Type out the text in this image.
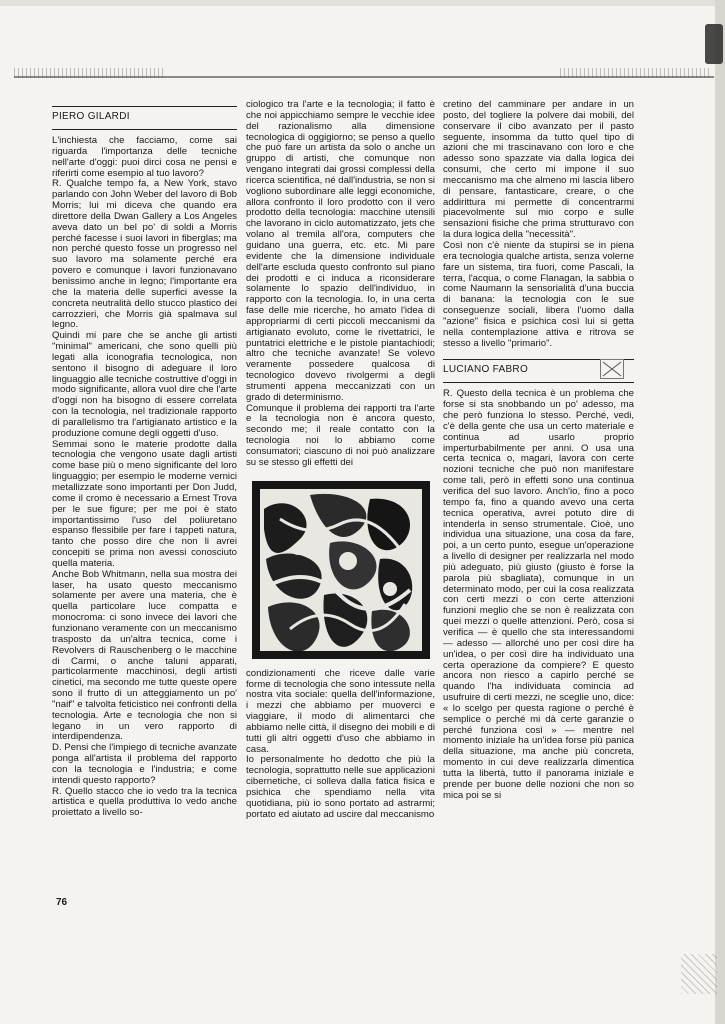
PIERO GILARDI

L'inchiesta che facciamo, come sai riguarda l'importanza delle tecniche nell'arte d'oggi: puoi dirci cosa ne pensi e riferirti come esempio al tuo lavoro?

R. Qualche tempo fa, a New York, stavo parlando con John Weber del lavoro di Bob Morris; lui mi diceva che quando era direttore della Dwan Gallery a Los Angeles aveva dato un bel po' di soldi a Morris perché facesse i suoi lavori in fiberglas; ma non perché questo fosse un progresso nel suo lavoro ma solamente perché era povero e comunque i lavori funzionavano benissimo anche in legno; l'importante era che la materia delle superfici avesse la concreta neutralità dello stucco plastico dei carrozzieri, che Morris già spalmava sul legno.

Quindi mi pare che se anche gli artisti "minimal" americani, che sono quelli più legati alla iconografia tecnologica, non sentono il bisogno di adeguare il loro linguaggio alle tecniche costruttive d'oggi in modo significante, allora vuol dire che l'arte d'oggi non ha bisogno di essere correlata con la tecnologia, nel tradizionale rapporto di parallelismo tra l'artigianato artistico e la produzione comune degli oggetti d'uso.

Semmai sono le materie prodotte dalla tecnologia che vengono usate dagli artisti come base più o meno significante del loro linguaggio; per esempio le moderne vernici metallizzate sono importanti per Don Judd, come il cromo è necessario a Ernest Trova per le sue figure; per me poi è stato importantissimo l'uso del poliuretano espanso flessibile per fare i tappeti natura, tanto che posso dire che non li avrei concepiti se prima non avessi conosciuto quella materia.

Anche Bob Whitmann, nella sua mostra dei laser, ha usato questo meccanismo solamente per avere una materia, che è quella particolare luce compatta e monocroma: ci sono invece dei lavori che funzionano veramente con un meccanismo trasposto da un'altra tecnica, come i Revolvers di Rauschenberg o le macchine di Carmi, o anche taluni apparati, particolarmente macchinosi, degli artisti cinetici, ma secondo me tutte queste opere sono il frutto di un atteggiamento un po' "naif" e talvolta feticistico nei confronti della tecnologia. Arte e tecnologia che non si legano in un vero rapporto di interdipendenza.

D. Pensi che l'impiego di tecniche avanzate ponga all'artista il problema del rapporto con la tecnologia e l'industria; e come intendi questo rapporto?

R. Quello stacco che io vedo tra la tecnica artistica e quella produttiva lo vedo anche proiettato a livello so-

ciologico tra l'arte e la tecnologia; il fatto è che noi appicchiamo sempre le vecchie idee del razionalismo alla dimensione tecnologica di oggigiorno; se penso a quello che può fare un artista da solo o anche un gruppo di artisti, che comunque non vengano integrati dai grossi complessi della ricerca scientifica, né dall'industria, se non si vogliono subordinare alle leggi economiche, allora confronto il loro prodotto con il vero prodotto della tecnologia: macchine utensili che lavorano in ciclo automatizzato, jets che volano al tremila all'ora, computers che guidano una guerra, etc. etc. Mi pare evidente che la dimensione individuale dell'arte escluda questo confronto sul piano dei prodotti e ci induca a riconsiderare solamente lo spazio dell'individuo, in rapporto con la tecnologia. Io, in una certa fase delle mie ricerche, ho amato l'idea di appropriarmi di certi piccoli meccanismi da artigianato evoluto, come le rivettatrici, le puntatrici elettriche e le pistole piantachiodi; altro che tecniche avanzate! Se volevo veramente possedere qualcosa di tecnologico dovevo rivolgermi a degli strumenti appena meccanizzati con un grado di determinismo.

Comunque il problema dei rapporti tra l'arte e la tecnologia non è ancora questo, secondo me; il reale contatto con la tecnologia noi lo abbiamo come consumatori; ciascuno di noi può analizzare su se stesso gli effetti dei

condizionamenti che riceve dalle varie forme di tecnologia che sono intessute nella nostra vita sociale: quella dell'informazione, i mezzi che abbiamo per muoverci e viaggiare, il modo di alimentarci che abbiamo nelle città, il disegno dei mobili e di tutti gli altri oggetti d'uso che abbiamo in casa.

Io personalmente ho dedotto che più la tecnologia, soprattutto nelle sue applicazioni cibernetiche, ci solleva dalla fatica fisica e psichica che spendiamo nella vita quotidiana, più io sono portato ad astrarmi; portato ed aiutato ad uscire dal meccanismo

cretino del camminare per andare in un posto, del togliere la polvere dai mobili, del conservare il cibo avanzato per il pasto seguente, insomma da tutto quel tipo di azioni che mi trascinavano con loro e che adesso sono spazzate via dalla logica dei consumi, che certo mi impone il suo meccanismo ma che almeno mi lascia libero di pensare, fantasticare, creare, o che addirittura mi permette di concentrarmi piacevolmente sul mio corpo e sulle sensazioni fisiche che prima strutturavo con la dura logica della "necessità".

Così non c'è niente da stupirsi se in piena era tecnologia qualche artista, senza volerne fare un sistema, tira fuori, come Pascali, la terra, l'acqua, o come Flanagan, la sabbia o come Naumann la sensorialità d'una buccia di banana: la tecnologia con le sue conseguenze sociali, libera l'uomo dalla "azione" fisica e psichica così lui si getta nella contemplazione attiva e ritrova se stesso a livello "primario".

LUCIANO FABRO

R. Questo della tecnica è un problema che forse si sta snobbando un po' adesso, ma che però funziona lo stesso. Perché, vedi, c'è della gente che usa un certo materiale e continua ad usarlo proprio imperturbabilmente per anni. O usa una certa tecnica o, magari, lavora con certe nozioni tecniche che può non manifestare come tali, però in effetti sono una continua verifica del suo lavoro. Anch'io, fino a poco tempo fa, fino a quando avevo una certa tecnica operativa, avrei potuto dire di intenderla in senso strumentale. Cioè, uno individua una situazione, una cosa da fare, poi, a un certo punto, esegue un'operazione a livello di designer per realizzarla nel modo più adeguato, più giusto (giusto è forse la parola più sbagliata), comunque in un determinato modo, per cui la cosa realizzata con certi mezzi o con certe attenzioni funzioni meglio che se non è realizzata con quei mezzi o quelle attenzioni. Però, cosa si verifica — è quello che sta interessandomi — adesso — allorché uno per così dire ha un'idea, o per così dire ha individuato una certa operazione da compiere? E questo ancora non riesco a capirlo perché se quando l'ha individuata comincia ad usufruire di certi mezzi, ne sceglie uno, dice: « lo scelgo per questa ragione o perché è semplice o perché mi dà certe garanzie o perché funziona così » — mentre nel momento iniziale ha un'idea forse più panica della situazione, ma anche più concreta, momento in cui deve realizzarla dimentica tutta la libertà, tutto il panorama iniziale e prende per buone delle nozioni che non so mica poi se si

76
